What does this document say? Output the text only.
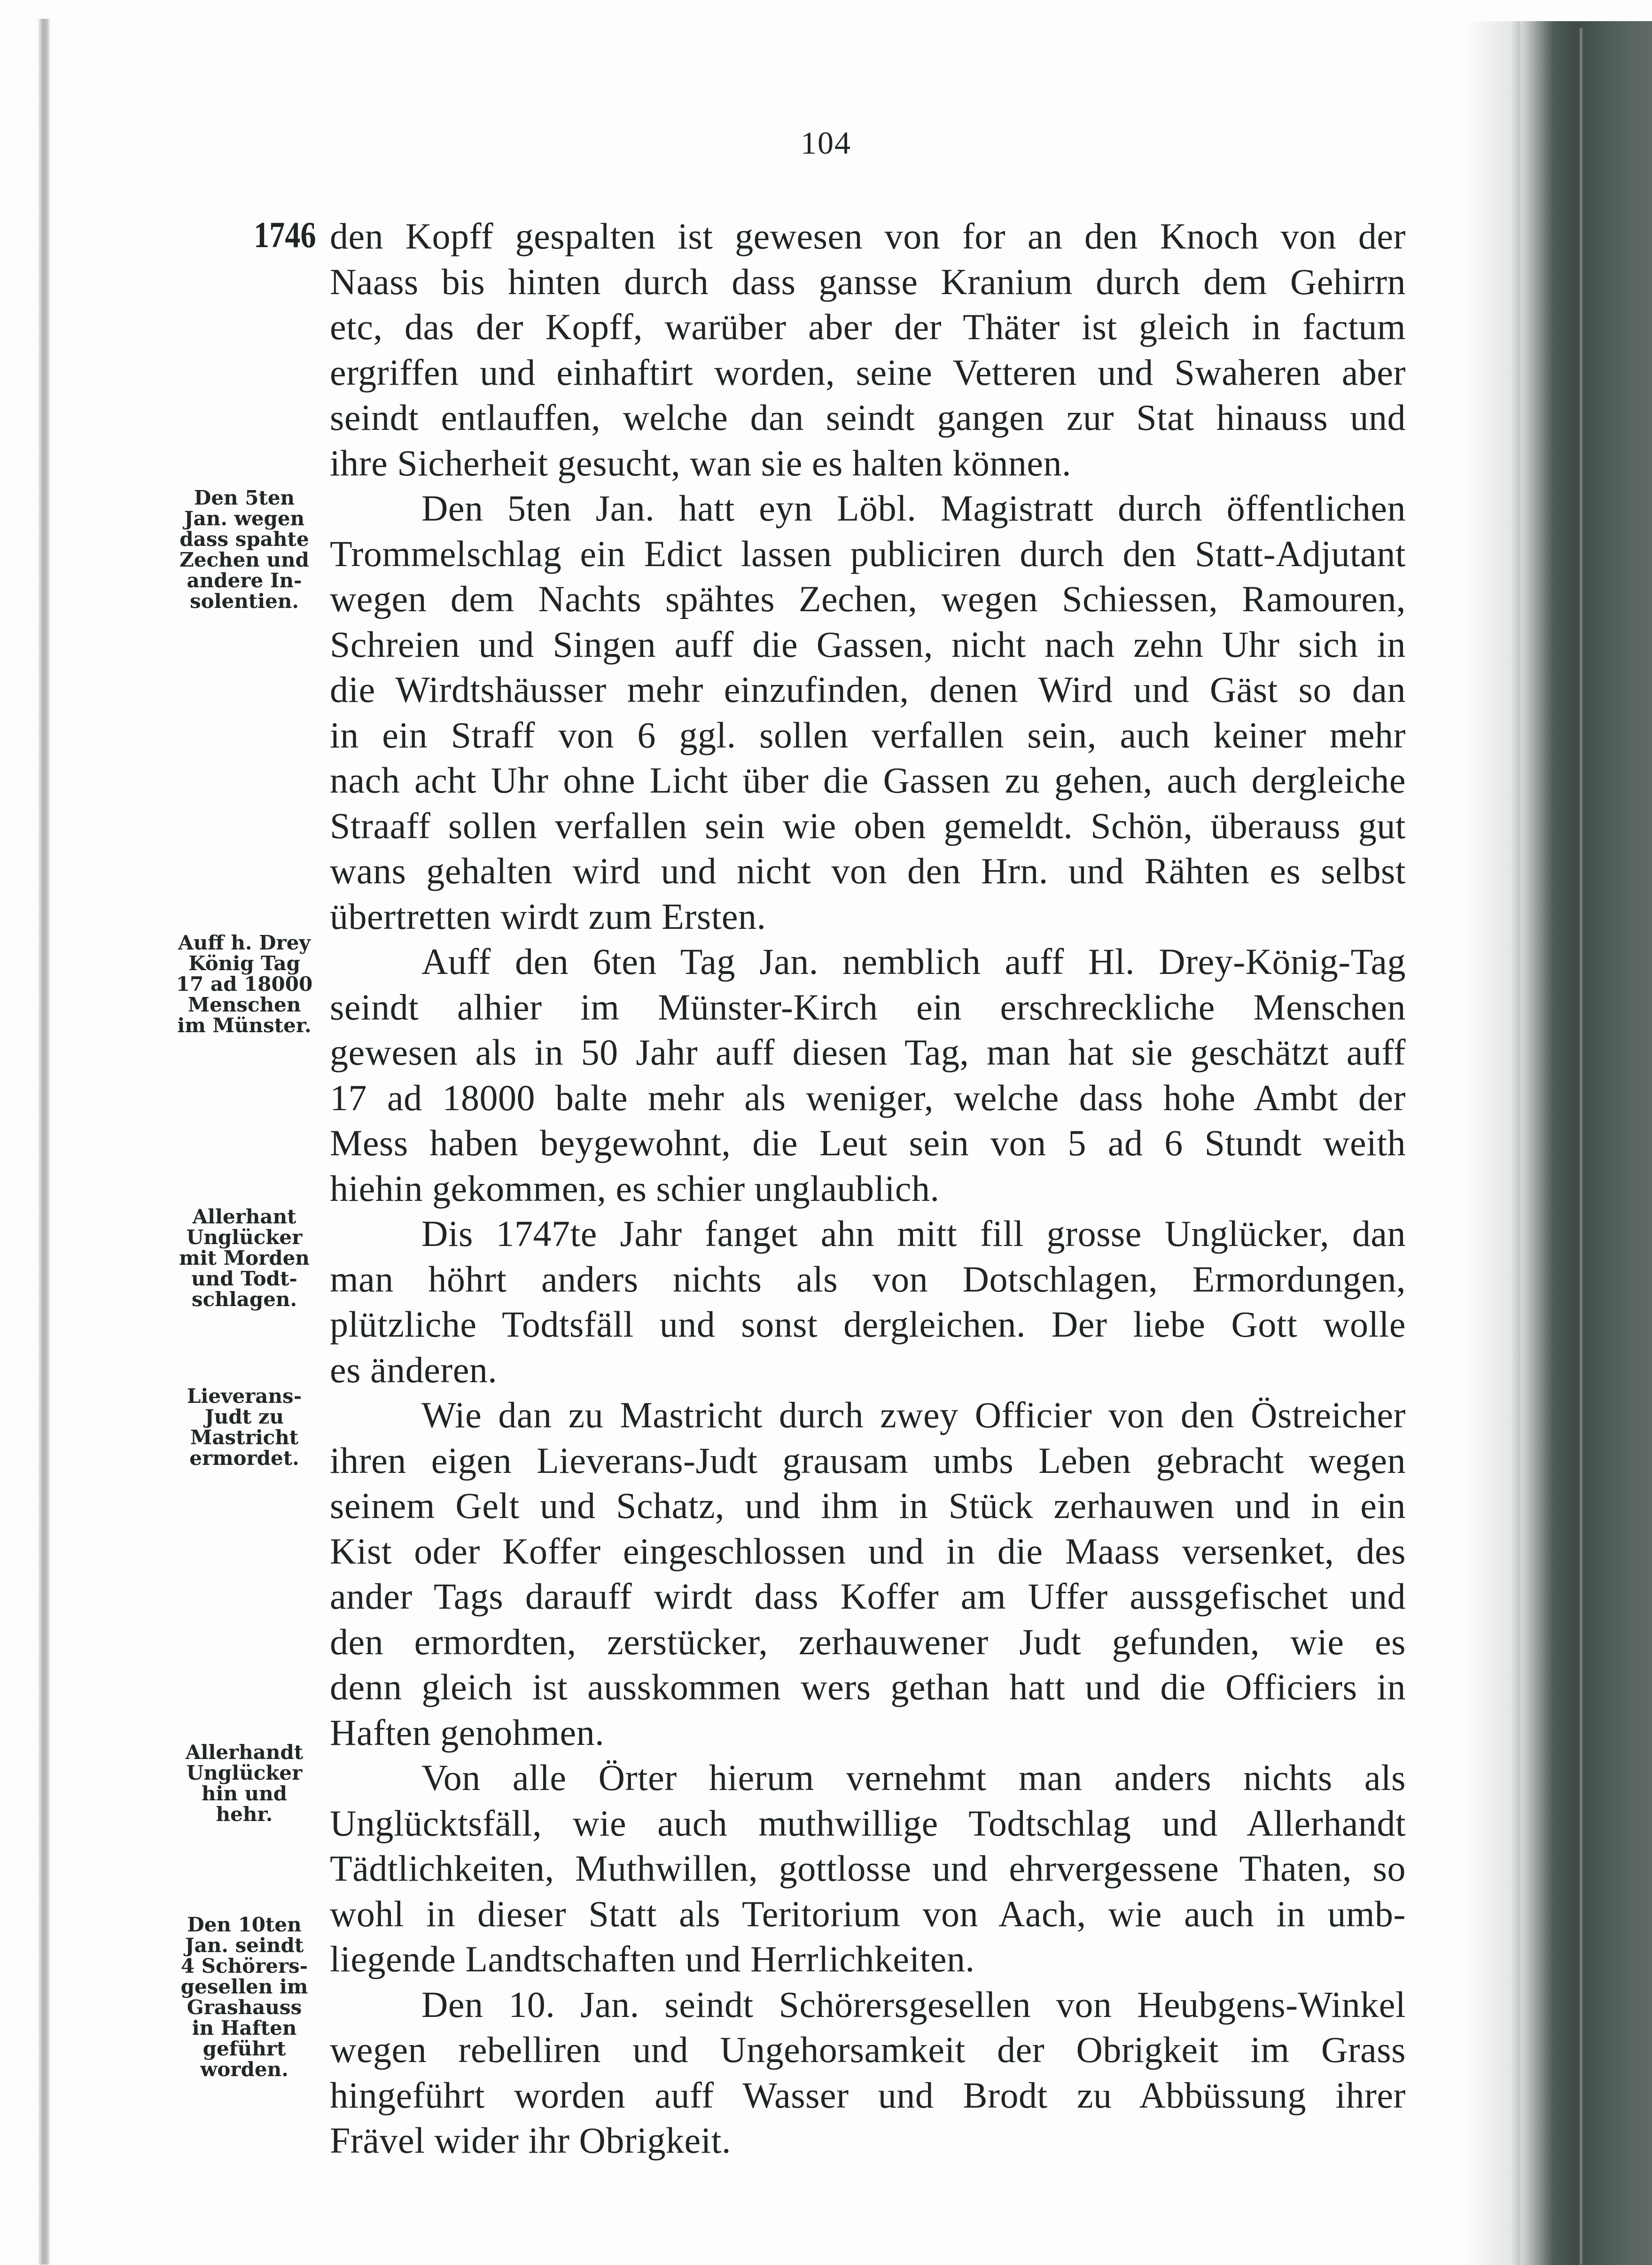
104
1746 den Kopff gespalten ist gewesen von for an den Knoch von der
Naass bis hinten durch dass gansse Kranium durch dem Gehirrn
etc, das der Kopff, warüber aber der Thäter ist gleich in factum
ergriffen und einhaftirt worden, seine Vetteren und Swaheren aber
seindt entlauffen, welche dan seindt gangen zur Stat hinauss und
ihre Sicherheit gesucht, wan sie es halten können.
Den 5ten Jan. hatt eyn Löbl. Magistratt durch öffentlichen
Trommelschlag ein Edict lassen publiciren durch den Statt-Adjutant
wegen dem Nachts spähtes Zechen, wegen Schiessen, Ramouren,
Schreien und Singen auff die Gassen, nicht nach zehn Uhr sich in
die Wirdtshäusser mehr einzufinden, denen Wird und Gäst so dan
in ein Straff von 6 ggl. sollen verfallen sein, auch keiner mehr
nach acht Uhr ohne Licht über die Gassen zu gehen, auch dergleiche
Straaff sollen verfallen sein wie oben gemeldt. Schön, überauss gut
wans gehalten wird und nicht von den Hrn. und Rähten es selbst
übertretten wirdt zum Ersten.
Auff den 6ten Tag Jan. nemblich auff Hl. Drey-König-Tag
seindt alhier im Münster-Kirch ein erschreckliche Menschen
gewesen als in 50 Jahr auff diesen Tag, man hat sie geschätzt auff
17 ad 18000 balte mehr als weniger, welche dass hohe Ambt der
Mess haben beygewohnt, die Leut sein von 5 ad 6 Stundt weith
hiehin gekommen, es schier unglaublich.
Dis 1747te Jahr fanget ahn mitt fill grosse Unglücker, dan
man höhrt anders nichts als von Dotschlagen, Ermordungen,
plützliche Todtsfäll und sonst dergleichen. Der liebe Gott wolle
es änderen.
Wie dan zu Mastricht durch zwey Officier von den Östreicher
ihren eigen Lieverans-Judt grausam umbs Leben gebracht wegen
seinem Gelt und Schatz, und ihm in Stück zerhauwen und in ein
Kist oder Koffer eingeschlossen und in die Maass versenket, des
ander Tags darauff wirdt dass Koffer am Uffer aussgefischet und
den ermordten, zerstücker, zerhauwener Judt gefunden, wie es
denn gleich ist ausskommen wers gethan hatt und die Officiers in
Haften genohmen.
Von alle Örter hierum vernehmt man anders nichts als
Unglücktsfäll, wie auch muthwillige Todtschlag und Allerhandt
Tädtlichkeiten, Muthwillen, gottlosse und ehrvergessene Thaten, so
wohl in dieser Statt als Teritorium von Aach, wie auch in umb-
liegende Landtschaften und Herrlichkeiten.
Den 10. Jan. seindt Schörersgesellen von Heubgens-Winkel
wegen rebelliren und Ungehorsamkeit der Obrigkeit im Grass
hingeführt worden auff Wasser und Brodt zu Abbüssung ihrer
Frävel wider ihr Obrigkeit.
Den 5ten
Jan. wegen
dass spahte
Zechen und
andere In-
solentien.
Auff h. Drey
König Tag
17 ad 18000
Menschen
im Münster.
Allerhant
Unglücker
mit Morden
und Todt-
schlagen.
Lieverans-
Judt zu
Mastricht
ermordet.
Allerhandt
Unglücker
hin und
hehr.
Den 10ten
Jan. seindt
4 Schörers-
gesellen im
Grashauss
in Haften
geführt
worden.
